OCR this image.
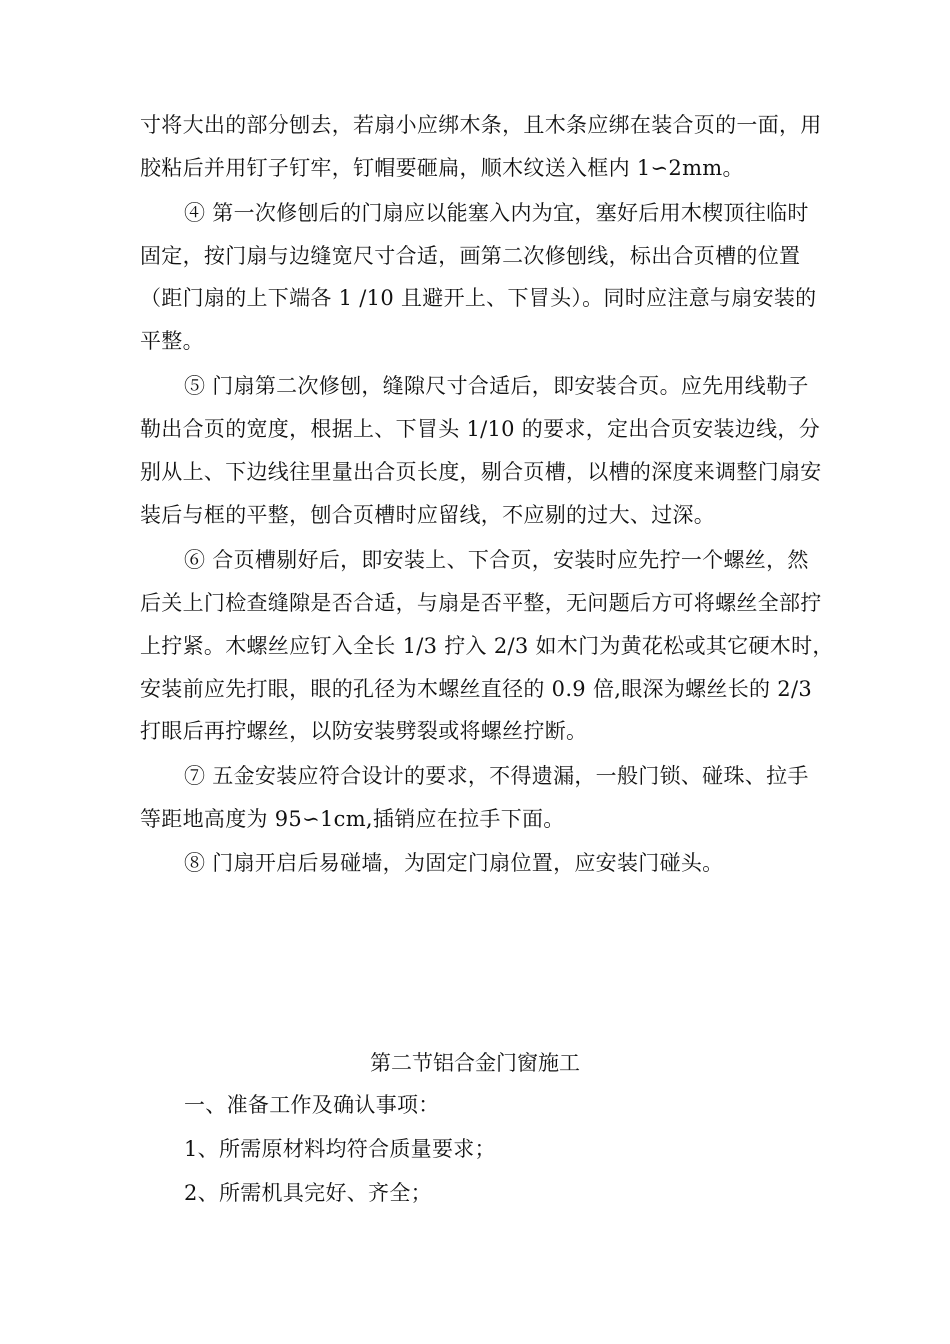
寸将大出的部分刨去，若扇小应绑木条，且木条应绑在装合页的一面，用
胶粘后并用钉子钉牢，钉帽要砸扁，顺木纹送入框内 1∽2mm。
④ 第一次修刨后的门扇应以能塞入内为宜，塞好后用木楔顶往临时
固定，按门扇与边缝宽尺寸合适，画第二次修刨线，标出合页槽的位置
（距门扇的上下端各 1 /10 且避开上、下冒头）。同时应注意与扇安装的
平整。
⑤ 门扇第二次修刨，缝隙尺寸合适后，即安装合页。应先用线勒子
勒出合页的宽度，根据上、下冒头 1/10 的要求，定出合页安装边线，分
别从上、下边线往里量出合页长度，剔合页槽，以槽的深度来调整门扇安
装后与框的平整，刨合页槽时应留线，不应剔的过大、过深。
⑥ 合页槽剔好后，即安装上、下合页，安装时应先拧一个螺丝，然
后关上门检查缝隙是否合适，与扇是否平整，无问题后方可将螺丝全部拧
上拧紧。木螺丝应钉入全长 1/3 拧入 2/3 如木门为黄花松或其它硬木时，
安装前应先打眼，眼的孔径为木螺丝直径的 0.9 倍,眼深为螺丝长的 2/3
打眼后再拧螺丝，以防安装劈裂或将螺丝拧断。
⑦ 五金安装应符合设计的要求，不得遗漏，一般门锁、碰珠、拉手
等距地高度为 95∽1cm,插销应在拉手下面。
⑧ 门扇开启后易碰墙，为固定门扇位置，应安装门碰头。
第二节铝合金门窗施工
一、准备工作及确认事项：
1、所需原材料均符合质量要求；
2、所需机具完好、齐全；
